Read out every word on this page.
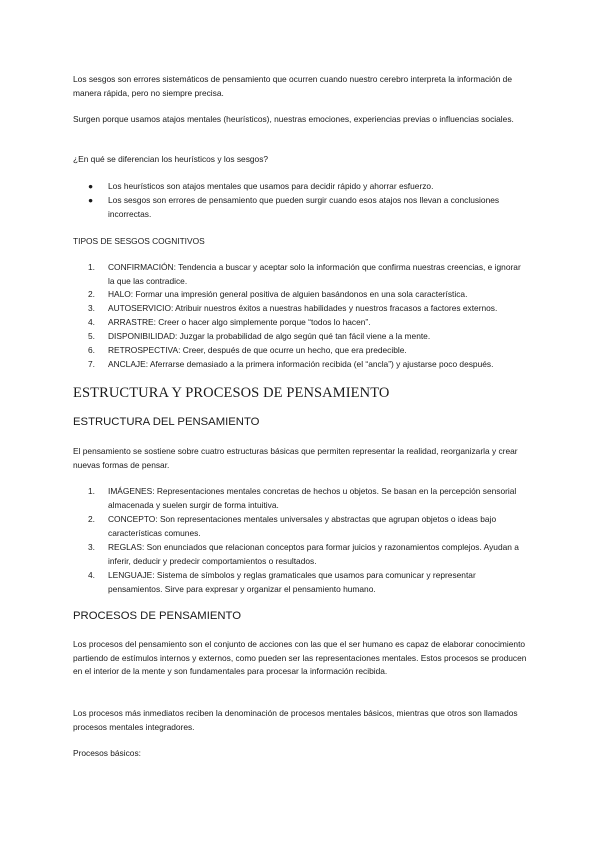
Los sesgos son errores sistemáticos de pensamiento que ocurren cuando nuestro cerebro interpreta la información de manera rápida, pero no siempre precisa.

Surgen porque usamos atajos mentales (heurísticos), nuestras emociones, experiencias previas o influencias sociales.

¿En qué se diferencian los heurísticos y los sesgos?

●	Los heurísticos son atajos mentales que usamos para decidir rápido y ahorrar esfuerzo.
●	Los sesgos son errores de pensamiento que pueden surgir cuando esos atajos nos llevan a conclusiones incorrectas.

TIPOS DE SESGOS COGNITIVOS

1.	CONFIRMACIÓN: Tendencia a buscar y aceptar solo la información que confirma nuestras creencias, e ignorar la que las contradice.
2.	HALO: Formar una impresión general positiva de alguien basándonos en una sola característica.
3.	AUTOSERVICIO: Atribuir nuestros éxitos a nuestras habilidades y nuestros fracasos a factores externos.
4.	ARRASTRE: Creer o hacer algo simplemente porque “todos lo hacen”.
5.	DISPONIBILIDAD: Juzgar la probabilidad de algo según qué tan fácil viene a la mente.
6.	RETROSPECTIVA: Creer, después de que ocurre un hecho, que era predecible.
7.	ANCLAJE: Aferrarse demasiado a la primera información recibida (el “ancla”) y ajustarse poco después.
ESTRUCTURA Y PROCESOS DE PENSAMIENTO
ESTRUCTURA DEL PENSAMIENTO

El pensamiento se sostiene sobre cuatro estructuras básicas que permiten representar la realidad, reorganizarla y crear nuevas formas de pensar.

1.	IMÁGENES: Representaciones mentales concretas de hechos u objetos. Se basan en la percepción sensorial almacenada y suelen surgir de forma intuitiva.
2.	CONCEPTO: Son representaciones mentales universales y abstractas que agrupan objetos o ideas bajo características comunes.
3.	REGLAS: Son enunciados que relacionan conceptos para formar juicios y razonamientos complejos. Ayudan a inferir, deducir y predecir comportamientos o resultados.
4.	LENGUAJE: Sistema de símbolos y reglas gramaticales que usamos para comunicar y representar pensamientos. Sirve para expresar y organizar el pensamiento humano.
PROCESOS DE PENSAMIENTO

Los procesos del pensamiento son el conjunto de acciones con las que el ser humano es capaz de elaborar conocimiento partiendo de estímulos internos y externos, como pueden ser las representaciones mentales. Estos procesos se producen en el interior de la mente y son fundamentales para procesar la información recibida.

Los procesos más inmediatos reciben la denominación de procesos mentales básicos, mientras que otros son llamados procesos mentales integradores.

Procesos básicos:
